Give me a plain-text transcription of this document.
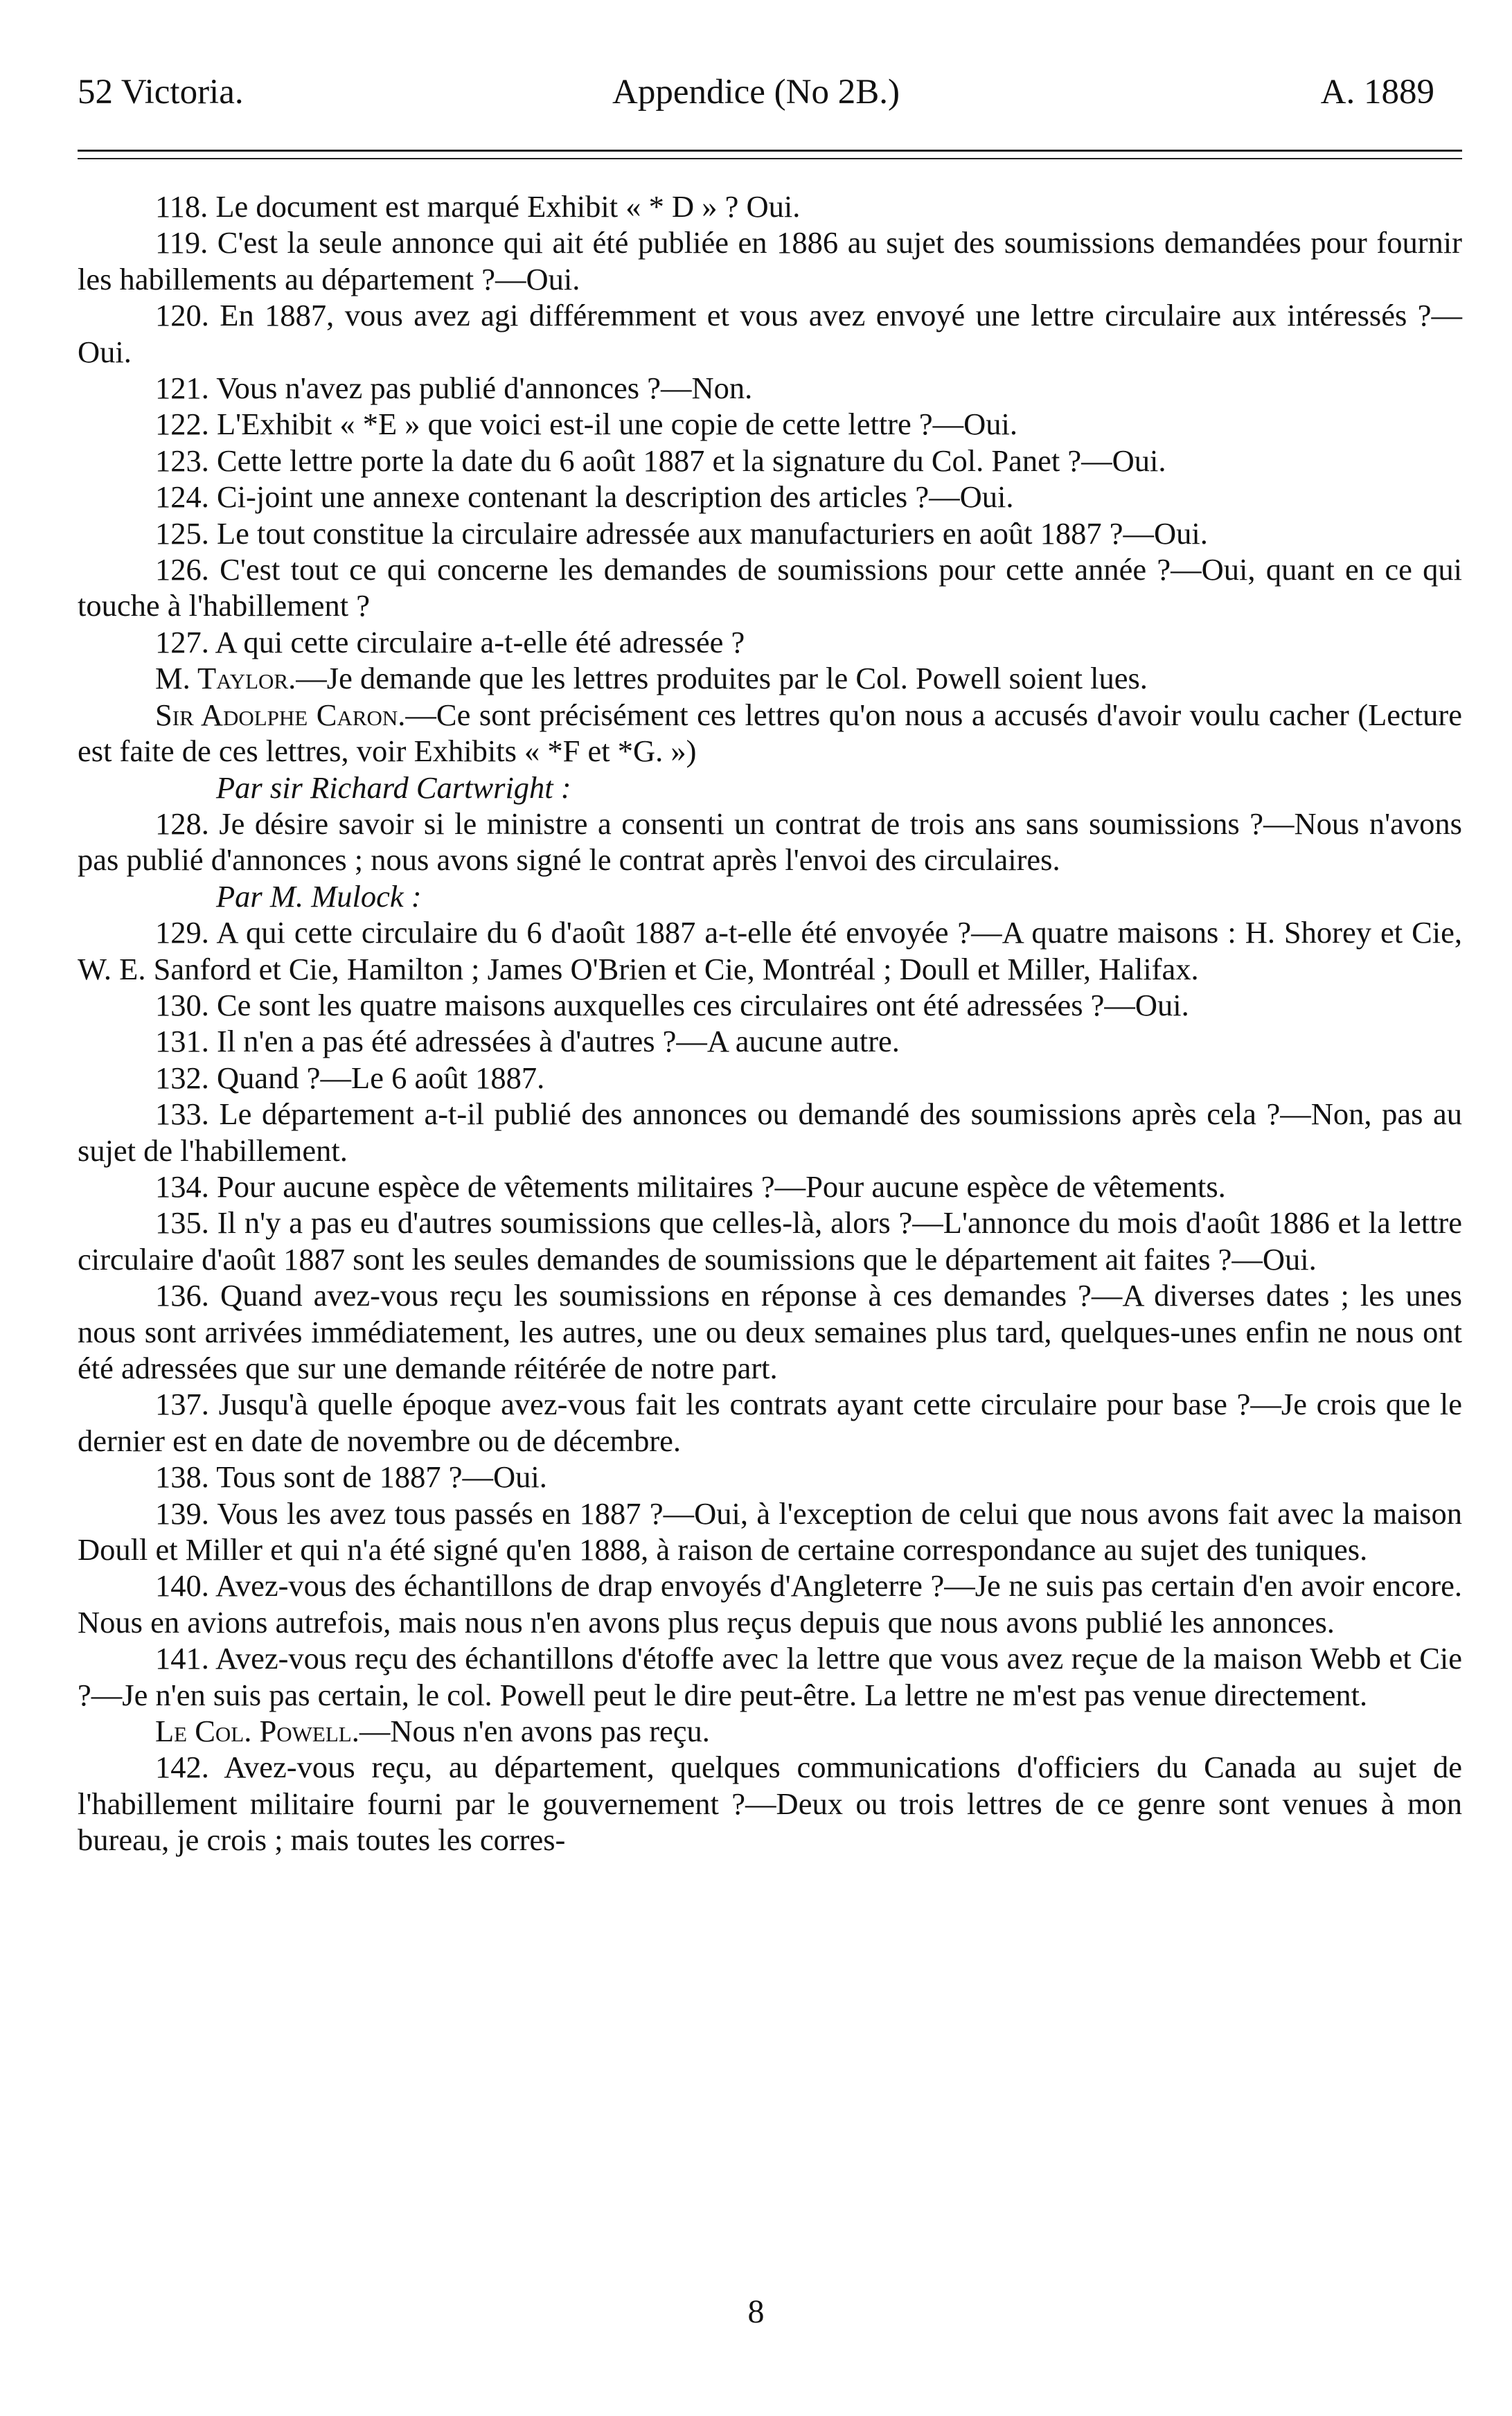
52 Victoria.	Appendice (No 2B.)	A. 1889

118. Le document est marqué Exhibit « * D » ? Oui.

119. C'est la seule annonce qui ait été publiée en 1886 au sujet des soumissions demandées pour fournir les habillements au département ?—Oui.

120. En 1887, vous avez agi différemment et vous avez envoyé une lettre circulaire aux intéressés ?—Oui.

121. Vous n'avez pas publié d'annonces ?—Non.

122. L'Exhibit « *E » que voici est-il une copie de cette lettre ?—Oui.

123. Cette lettre porte la date du 6 août 1887 et la signature du Col. Panet ?—Oui.

124. Ci-joint une annexe contenant la description des articles ?—Oui.

125. Le tout constitue la circulaire adressée aux manufacturiers en août 1887 ?—Oui.

126. C'est tout ce qui concerne les demandes de soumissions pour cette année ?—Oui, quant en ce qui touche à l'habillement ?

127. A qui cette circulaire a-t-elle été adressée ?

M. Taylor.—Je demande que les lettres produites par le Col. Powell soient lues.

Sir Adolphe Caron.—Ce sont précisément ces lettres qu'on nous a accusés d'avoir voulu cacher (Lecture est faite de ces lettres, voir Exhibits « *F et *G. »)

Par sir Richard Cartwright :

128. Je désire savoir si le ministre a consenti un contrat de trois ans sans soumissions ?—Nous n'avons pas publié d'annonces ; nous avons signé le contrat après l'envoi des circulaires.

Par M. Mulock :

129. A qui cette circulaire du 6 d'août 1887 a-t-elle été envoyée ?—A quatre maisons : H. Shorey et Cie, W. E. Sanford et Cie, Hamilton ; James O'Brien et Cie, Montréal ; Doull et Miller, Halifax.

130. Ce sont les quatre maisons auxquelles ces circulaires ont été adressées ?—Oui.

131. Il n'en a pas été adressées à d'autres ?—A aucune autre.

132. Quand ?—Le 6 août 1887.

133. Le département a-t-il publié des annonces ou demandé des soumissions après cela ?—Non, pas au sujet de l'habillement.

134. Pour aucune espèce de vêtements militaires ?—Pour aucune espèce de vêtements.

135. Il n'y a pas eu d'autres soumissions que celles-là, alors ?—L'annonce du mois d'août 1886 et la lettre circulaire d'août 1887 sont les seules demandes de soumissions que le département ait faites ?—Oui.

136. Quand avez-vous reçu les soumissions en réponse à ces demandes ?—A diverses dates ; les unes nous sont arrivées immédiatement, les autres, une ou deux semaines plus tard, quelques-unes enfin ne nous ont été adressées que sur une demande réitérée de notre part.

137. Jusqu'à quelle époque avez-vous fait les contrats ayant cette circulaire pour base ?—Je crois que le dernier est en date de novembre ou de décembre.

138. Tous sont de 1887 ?—Oui.

139. Vous les avez tous passés en 1887 ?—Oui, à l'exception de celui que nous avons fait avec la maison Doull et Miller et qui n'a été signé qu'en 1888, à raison de certaine correspondance au sujet des tuniques.

140. Avez-vous des échantillons de drap envoyés d'Angleterre ?—Je ne suis pas certain d'en avoir encore. Nous en avions autrefois, mais nous n'en avons plus reçus depuis que nous avons publié les annonces.

141. Avez-vous reçu des échantillons d'étoffe avec la lettre que vous avez reçue de la maison Webb et Cie ?—Je n'en suis pas certain, le col. Powell peut le dire peut-être. La lettre ne m'est pas venue directement.

Le Col. Powell.—Nous n'en avons pas reçu.

142. Avez-vous reçu, au département, quelques communications d'officiers du Canada au sujet de l'habillement militaire fourni par le gouvernement ?—Deux ou trois lettres de ce genre sont venues à mon bureau, je crois ; mais toutes les corres-

8
